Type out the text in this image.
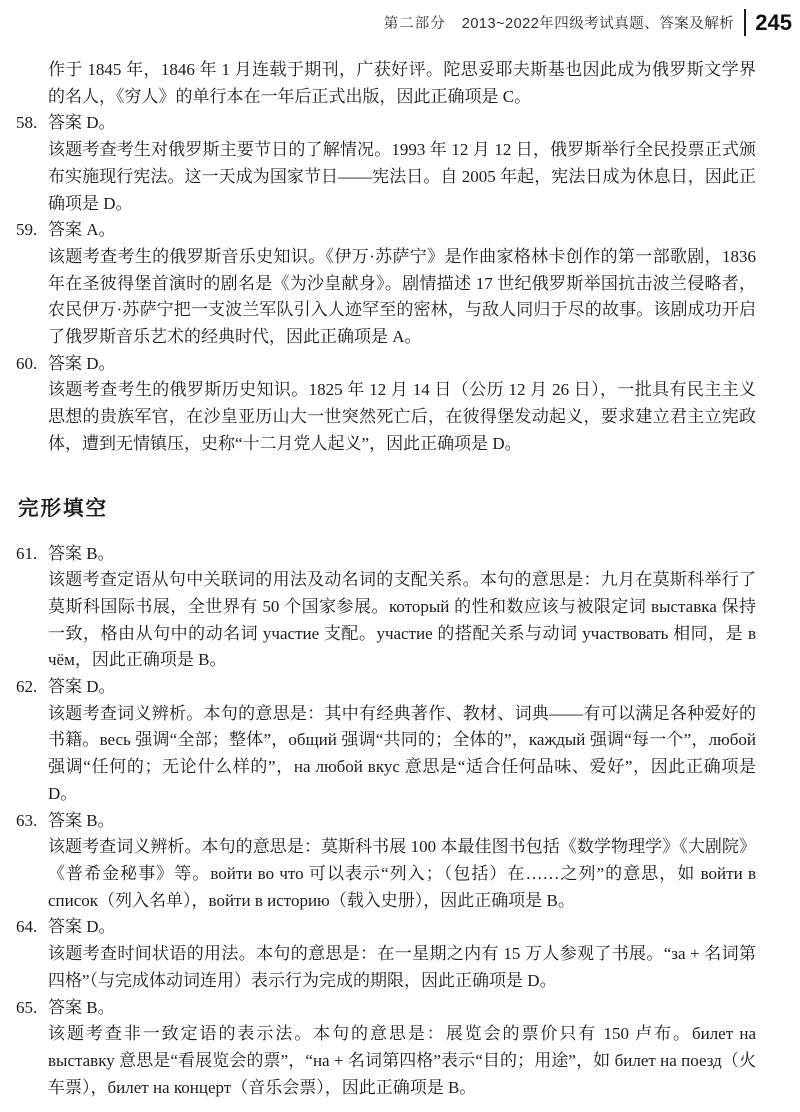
第二部分 2013~2022年四级考试真题、答案及解析 245

作于 1845 年，1846 年 1 月连载于期刊，广获好评。陀思妥耶夫斯基也因此成为俄罗斯文学界的名人，《穷人》的单行本在一年后正式出版，因此正确项是 C。

58. 答案 D。
该题考查考生对俄罗斯主要节日的了解情况。1993 年 12 月 12 日，俄罗斯举行全民投票正式颁布实施现行宪法。这一天成为国家节日——宪法日。自 2005 年起，宪法日成为休息日，因此正确项是 D。
59. 答案 A。
该题考查考生的俄罗斯音乐史知识。《伊万·苏萨宁》是作曲家格林卡创作的第一部歌剧，1836 年在圣彼得堡首演时的剧名是《为沙皇献身》。剧情描述 17 世纪俄罗斯举国抗击波兰侵略者，农民伊万·苏萨宁把一支波兰军队引入人迹罕至的密林，与敌人同归于尽的故事。该剧成功开启了俄罗斯音乐艺术的经典时代，因此正确项是 A。
60. 答案 D。
该题考查考生的俄罗斯历史知识。1825 年 12 月 14 日（公历 12 月 26 日），一批具有民主主义思想的贵族军官，在沙皇亚历山大一世突然死亡后，在彼得堡发动起义，要求建立君主立宪政体，遭到无情镇压，史称“十二月党人起义”，因此正确项是 D。
完形填空
61. 答案 B。
该题考查定语从句中关联词的用法及动名词的支配关系。本句的意思是：九月在莫斯科举行了莫斯科国际书展，全世界有 50 个国家参展。который 的性和数应该与被限定词 выставка 保持一致，格由从句中的动名词 участие 支配。участие 的搭配关系与动词 участвовать 相同，是 в чём，因此正确项是 B。
62. 答案 D。
该题考查词义辨析。本句的意思是：其中有经典著作、教材、词典——有可以满足各种爱好的书籍。весь 强调“全部；整体”，общий 强调“共同的；全体的”，каждый 强调“每一个”，любой 强调“任何的；无论什么样的”，на любой вкус 意思是“适合任何品味、爱好”，因此正确项是 D。
63. 答案 B。
该题考查词义辨析。本句的意思是：莫斯科书展 100 本最佳图书包括《数学物理学》《大剧院》《普希金秘事》等。войти во что 可以表示“列入；（包括）在……之列”的意思，如 войти в список（列入名单），войти в историю（载入史册），因此正确项是 B。
64. 答案 D。
该题考查时间状语的用法。本句的意思是：在一星期之内有 15 万人参观了书展。“за + 名词第四格”（与完成体动词连用）表示行为完成的期限，因此正确项是 D。
65. 答案 B。
该题考查非一致定语的表示法。本句的意思是：展览会的票价只有 150 卢布。билет на выставку 意思是“看展览会的票”，“на + 名词第四格”表示“目的；用途”，如 билет на поезд（火车票），билет на концерт（音乐会票），因此正确项是 B。
